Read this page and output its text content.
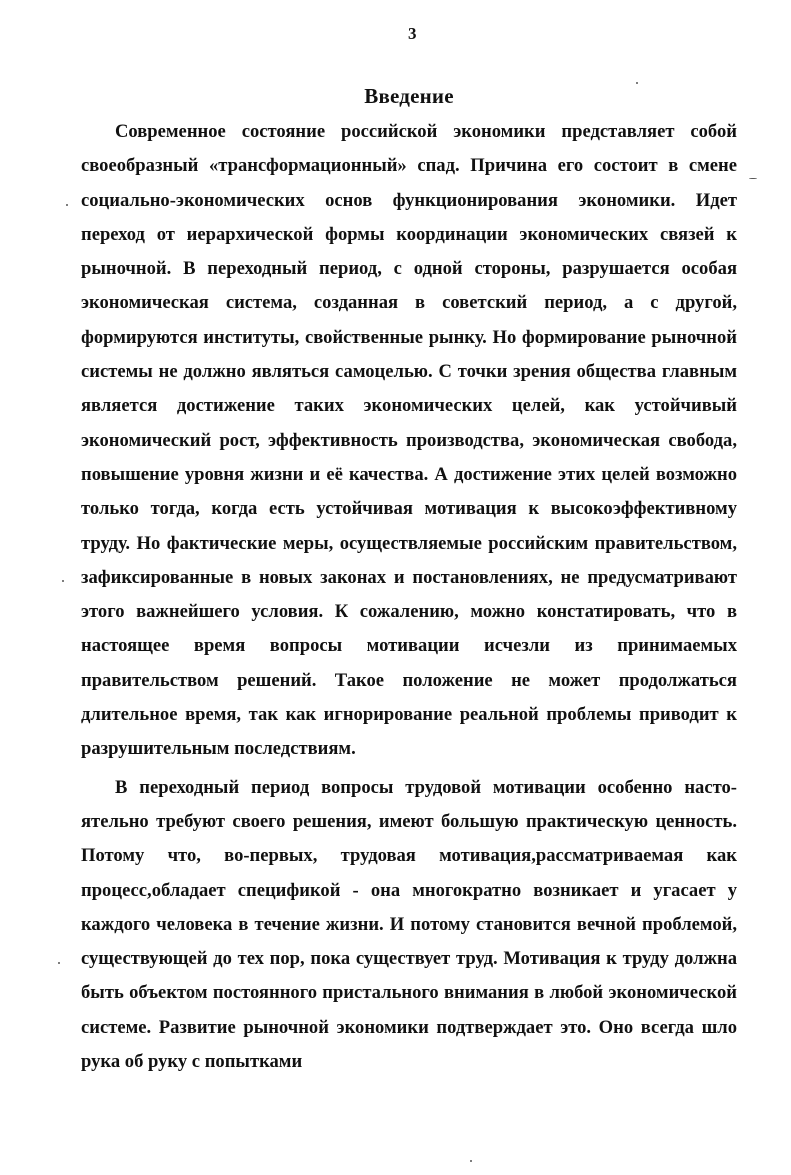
3
Введение

Современное состояние российской экономики представляет собой своеобразный «трансформационный» спад. Причина его состоит в смене социально-экономических основ функционирования экономики. Идет переход от иерархической формы координации экономических связей к рыночной. В переходный период, с одной стороны, разрушается особая экономическая система, созданная в советский период, а с другой, формируются институты, свойственные рынку. Но формирование рыночной системы не должно являться самоцелью. С точки зрения общества главным является достижение таких экономических целей, как устойчивый экономический рост, эффективность производства, экономическая свобода, повышение уровня жизни и её качества. А достижение этих целей возможно только тогда, когда есть устойчивая мотивация к высокоэффективному труду. Но фактические меры, осуществляемые российским правительством, зафиксированные в новых законах и постановлениях, не предусматривают этого важнейшего условия. К сожалению, можно констатировать, что в настоящее время вопросы мотивации исчезли из принимаемых правительством решений. Такое положение не может продолжаться длительное время, так как игнорирование реальной проблемы приводит к разрушительным последствиям.

В переходный период вопросы трудовой мотивации особенно настоятельно требуют своего решения, имеют большую практическую ценность. Потому что, во-первых, трудовая мотивация,рассматриваемая как процесс,обладает спецификой - она многократно возникает и угасает у каждого человека в течение жизни. И потому становится вечной проблемой, существующей до тех пор, пока существует труд. Мотивация к труду должна быть объектом постоянного пристального внимания в любой экономической системе. Развитие рыночной экономики подтверждает это. Оно всегда шло рука об руку с попытками
